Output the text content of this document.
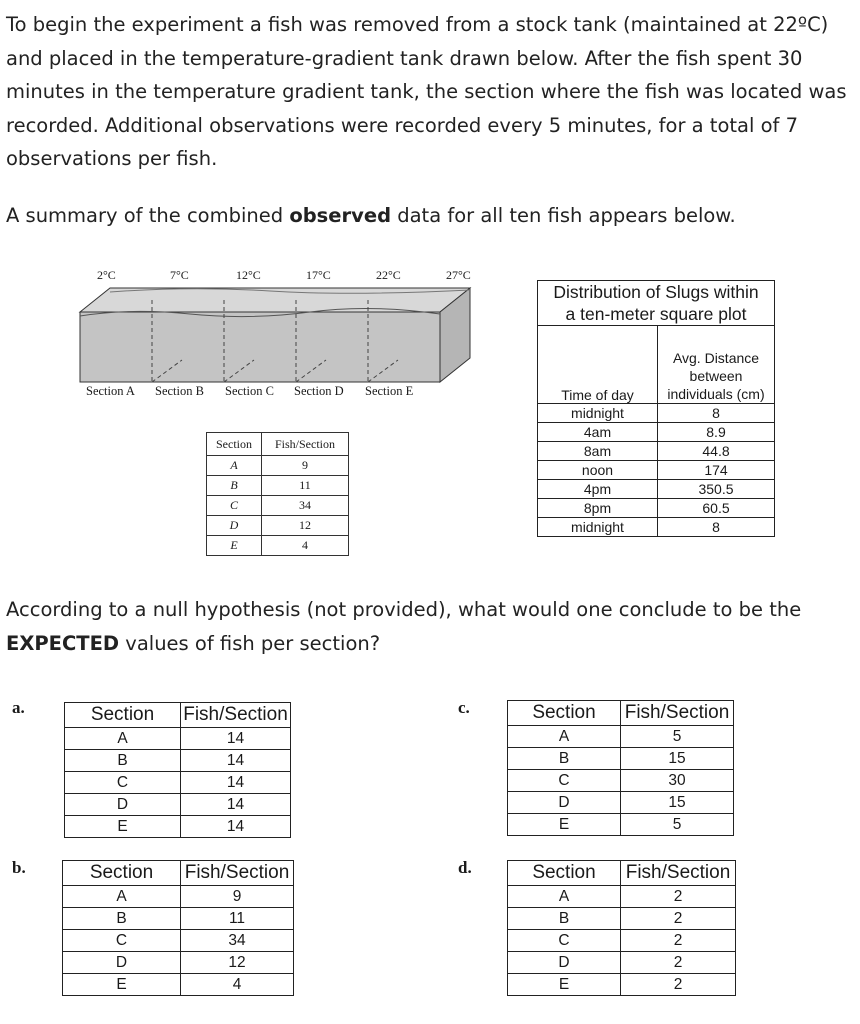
To begin the experiment a fish was removed from a stock tank (maintained at 22ºC) and placed in the temperature-gradient tank drawn below. After the fish spent 30 minutes in the temperature gradient tank, the section where the fish was located was recorded. Additional observations were recorded every 5 minutes, for a total of 7 observations per fish.

A summary of the combined observed data for all ten fish appears below.

2°C	7°C	12°C	17°C	22°C	27°C
Section A Section B Section C Section D Section E
Section	Fish/Section
A	9
B	11
C	34
D	12
E	4
Distribution of Slugs within
a ten-meter square plot	
Time of day	Avg. Distance
between
individuals (cm)
midnight	8
4am	8.9
8am	44.8
noon	174
4pm	350.5
8pm	60.5
midnight	8

According to a null hypothesis (not provided), what would one conclude to be the EXPECTED values of fish per section?

a.
b.
c.
d.
Section	Fish/Section
A	14
B	14
C	14
D	14
E	14
Section	Fish/Section
A	9
B	11
C	34
D	12
E	4
Section	Fish/Section
A	5
B	15
C	30
D	15
E	5
Section	Fish/Section
A	2
B	2
C	2
D	2
E	2
